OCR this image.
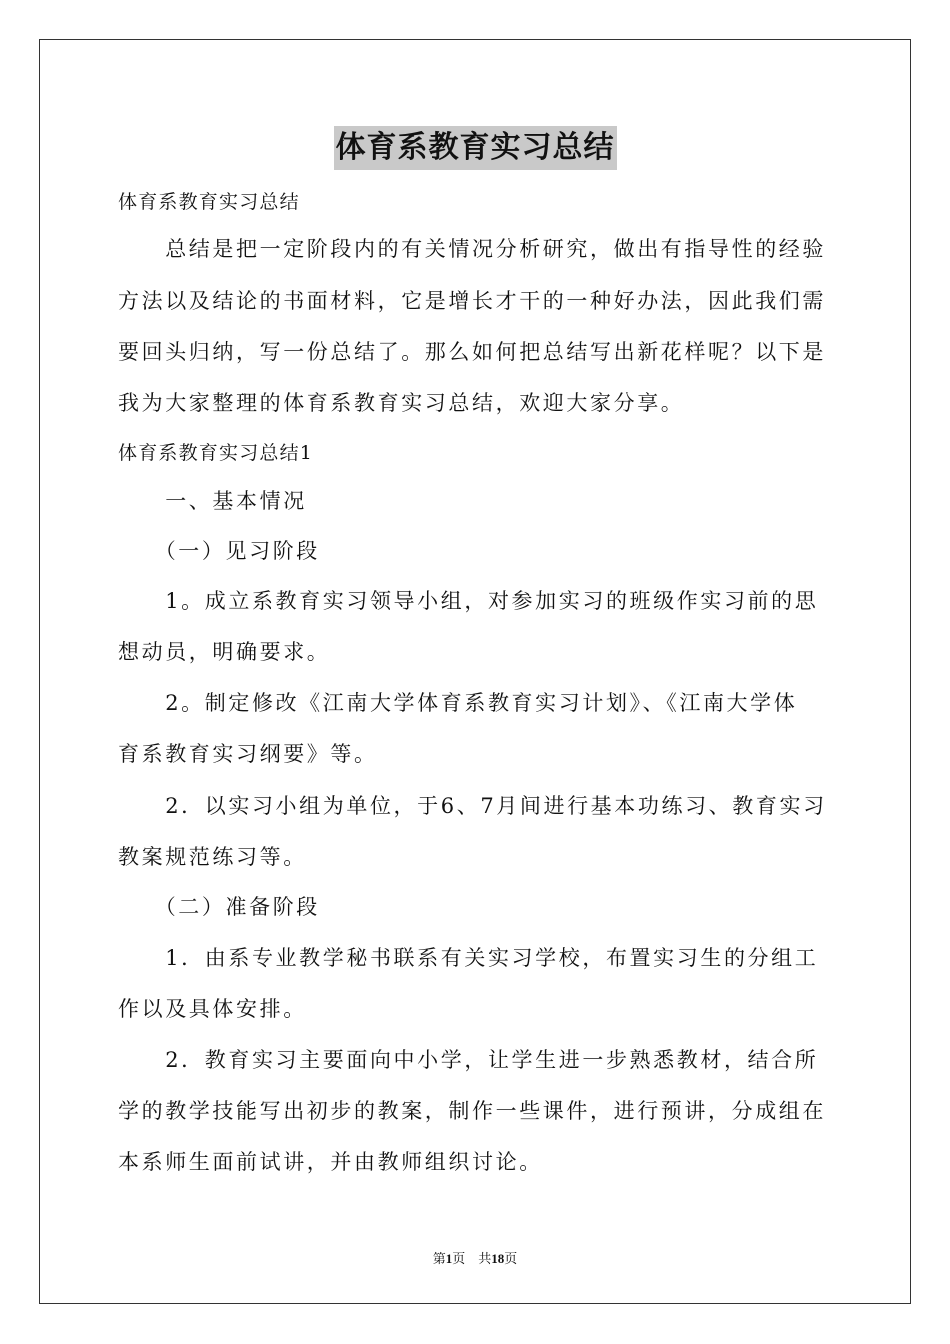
体育系教育实习总结

体育系教育实习总结

　　总结是把一定阶段内的有关情况分析研究，做出有指导性的经验

方法以及结论的书面材料，它是增长才干的一种好办法，因此我们需

要回头归纳，写一份总结了。那么如何把总结写出新花样呢？以下是

我为大家整理的体育系教育实习总结，欢迎大家分享。

体育系教育实习总结1

　　一、基本情况

　　（一）见习阶段

　　1。成立系教育实习领导小组，对参加实习的班级作实习前的思

想动员，明确要求。

　　2。制定修改《江南大学体育系教育实习计划》、《江南大学体

育系教育实习纲要》等。

　　2．以实习小组为单位，于6、7月间进行基本功练习、教育实习

教案规范练习等。

　　（二）准备阶段

　　1．由系专业教学秘书联系有关实习学校，布置实习生的分组工

作以及具体安排。

　　2．教育实习主要面向中小学，让学生进一步熟悉教材，结合所

学的教学技能写出初步的教案，制作一些课件，进行预讲，分成组在

本系师生面前试讲，并由教师组织讨论。

第1页　共18页
